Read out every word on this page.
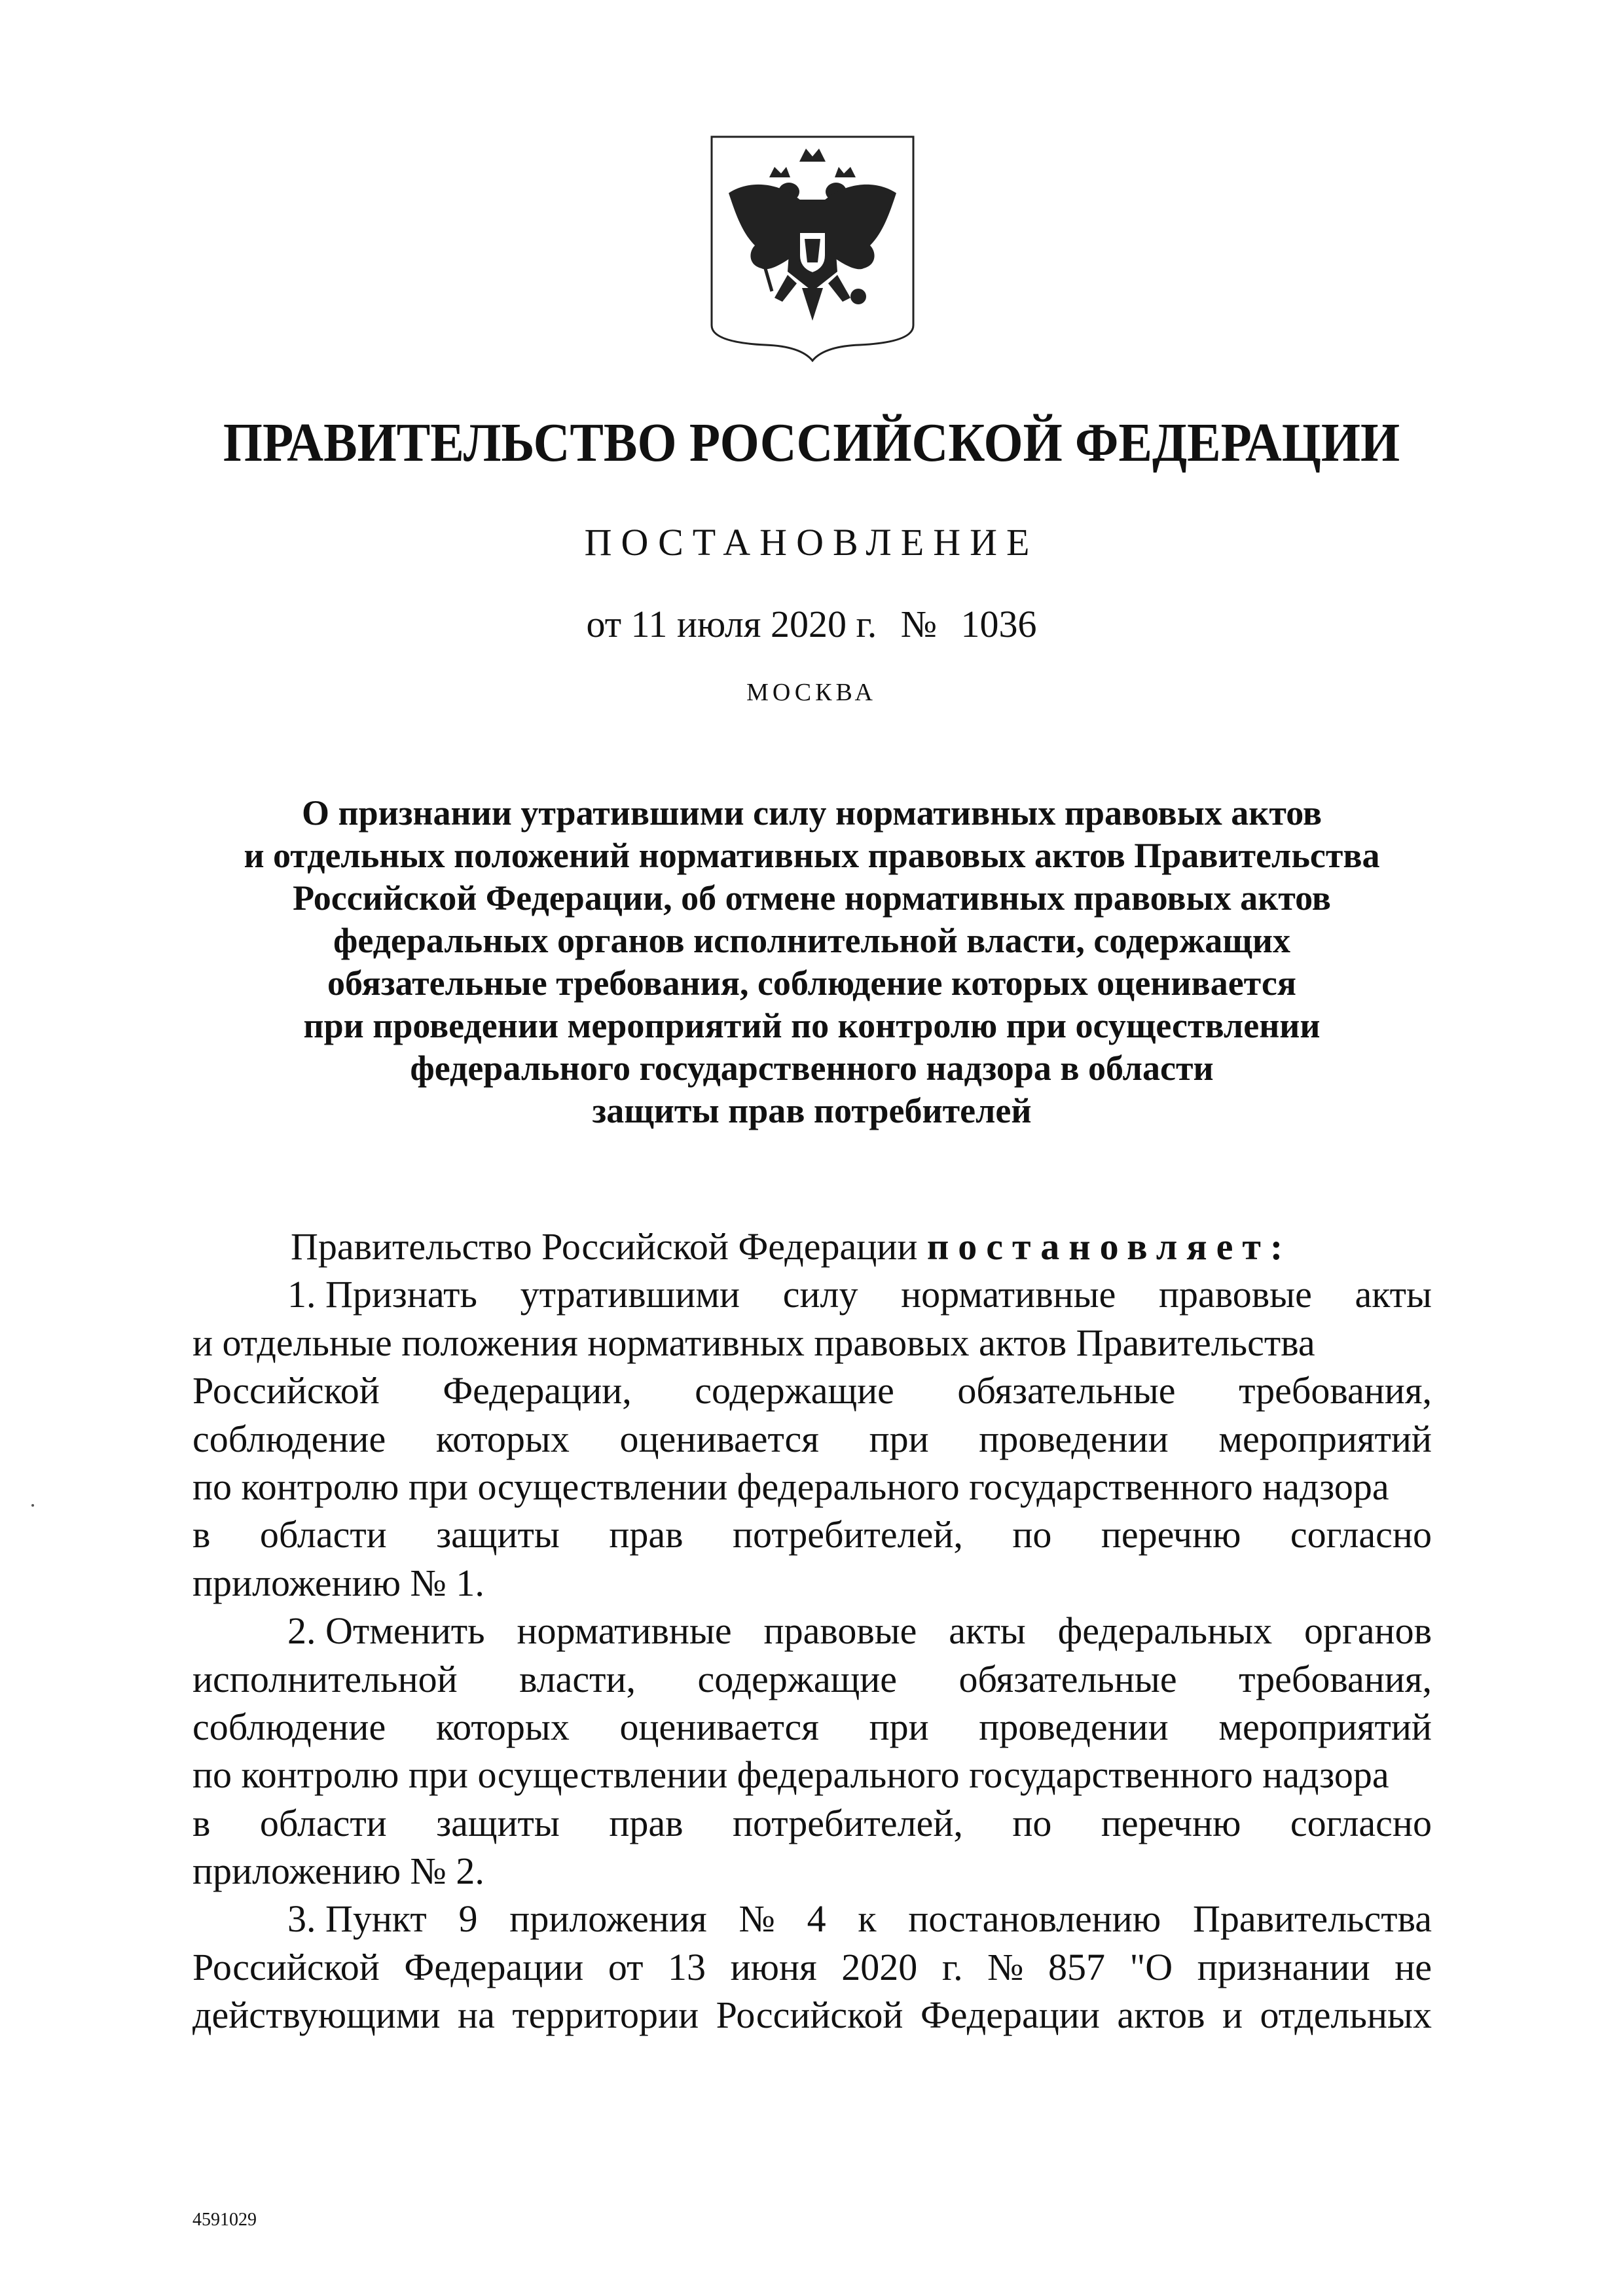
ПРАВИТЕЛЬСТВО РОССИЙСКОЙ ФЕДЕРАЦИИ
ПОСТАНОВЛЕНИЕ
от 11 июля 2020 г. № 1036
МОСКВА
О признании утратившими силу нормативных правовых актов
и отдельных положений нормативных правовых актов Правительства
Российской Федерации, об отмене нормативных правовых актов
федеральных органов исполнительной власти, содержащих
обязательные требования, соблюдение которых оценивается
при проведении мероприятий по контролю при осуществлении
федерального государственного надзора в области
защиты прав потребителей
Правительство Российской Федерации постановляет:
1. Признать утратившими силу нормативные правовые акты
и отдельные положения нормативных правовых актов Правительства
Российской Федерации, содержащие обязательные требования,
соблюдение которых оценивается при проведении мероприятий
по контролю при осуществлении федерального государственного надзора
в области защиты прав потребителей, по перечню согласно
приложению № 1.
2. Отменить нормативные правовые акты федеральных органов
исполнительной власти, содержащие обязательные требования,
соблюдение которых оценивается при проведении мероприятий
по контролю при осуществлении федерального государственного надзора
в области защиты прав потребителей, по перечню согласно
приложению № 2.
3. Пункт 9 приложения № 4 к постановлению Правительства
Российской Федерации от 13 июня 2020 г. № 857 "О признании не
действующими на территории Российской Федерации актов и отдельных
4591029
